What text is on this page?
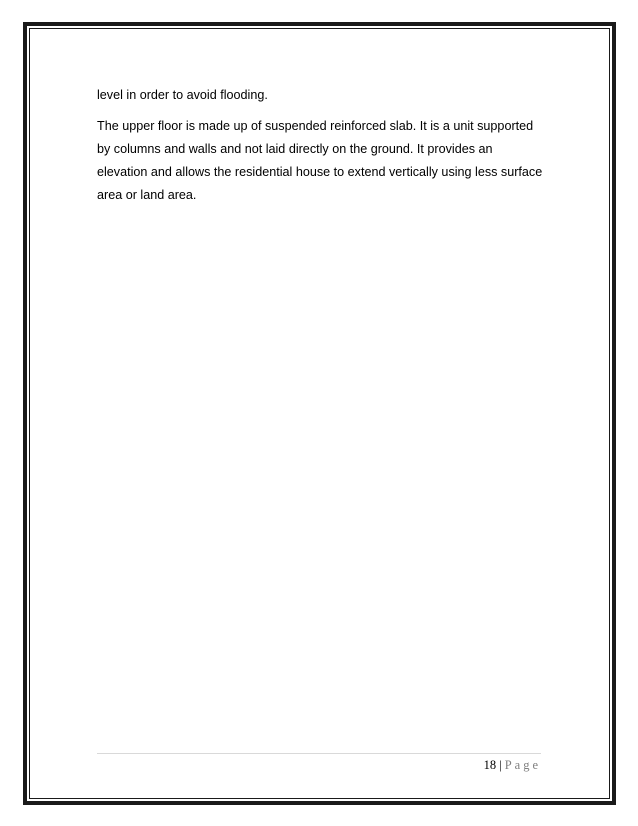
level in order to avoid flooding.

The upper floor is made up of suspended reinforced slab. It is a unit supported
by columns and walls and not laid directly on the ground. It provides an
elevation and allows the residential house to extend vertically using less surface
area or land area.

18 | Page
